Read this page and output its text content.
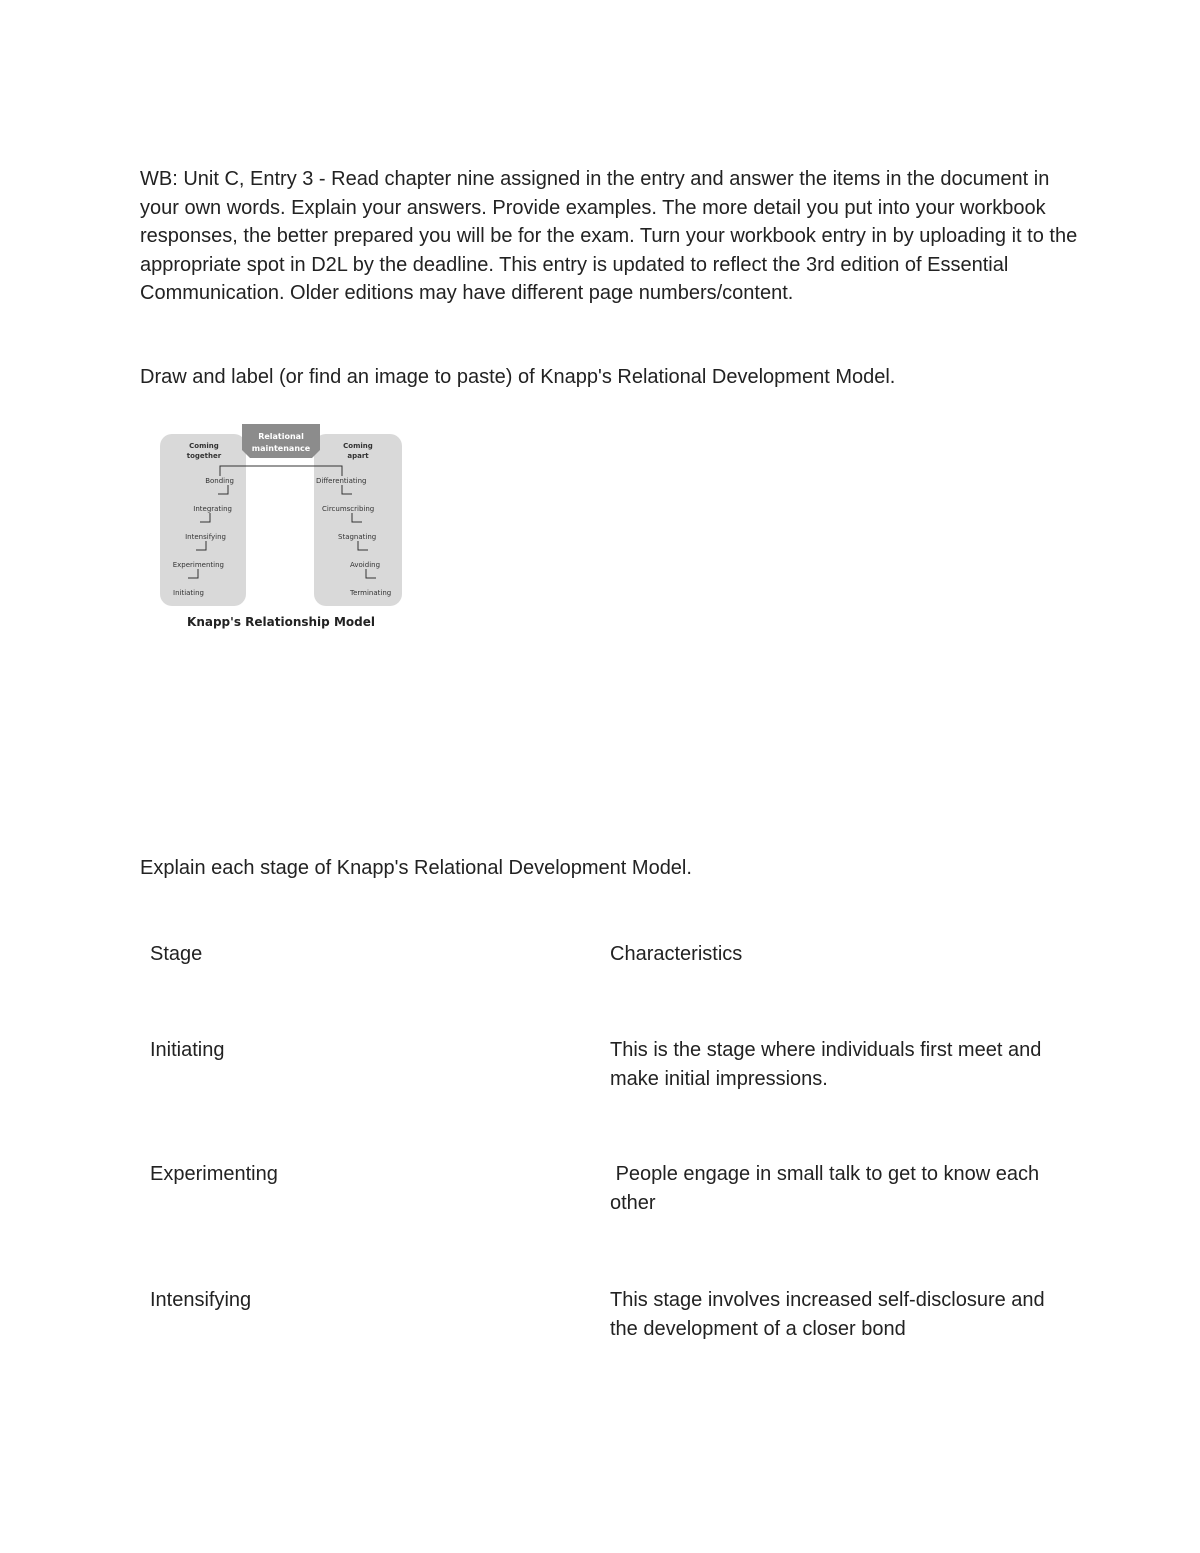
WB: Unit C, Entry 3 - Read chapter nine assigned in the entry and answer the items in the document in your own words. Explain your answers. Provide examples. The more detail you put into your workbook responses, the better prepared you will be for the exam. Turn your workbook entry in by uploading it to the appropriate spot in D2L by the deadline. This entry is updated to reflect the 3rd edition of Essential Communication. Older editions may have different page numbers/content.

Draw and label (or find an image to paste) of Knapp's Relational Development Model.

Relational
maintenance
Coming
together
Coming
apart
Bonding
Integrating
Intensifying
Experimenting
Initiating
Differentiating
Circumscribing
Stagnating
Avoiding
Terminating
Knapp's Relationship Model

Explain each stage of Knapp's Relational Development Model.

Stage	Characteristics

Initiating	This is the stage where individuals first meet and make initial impressions.

Experimenting	People engage in small talk to get to know each other

Intensifying	This stage involves increased self-disclosure and the development of a closer bond
